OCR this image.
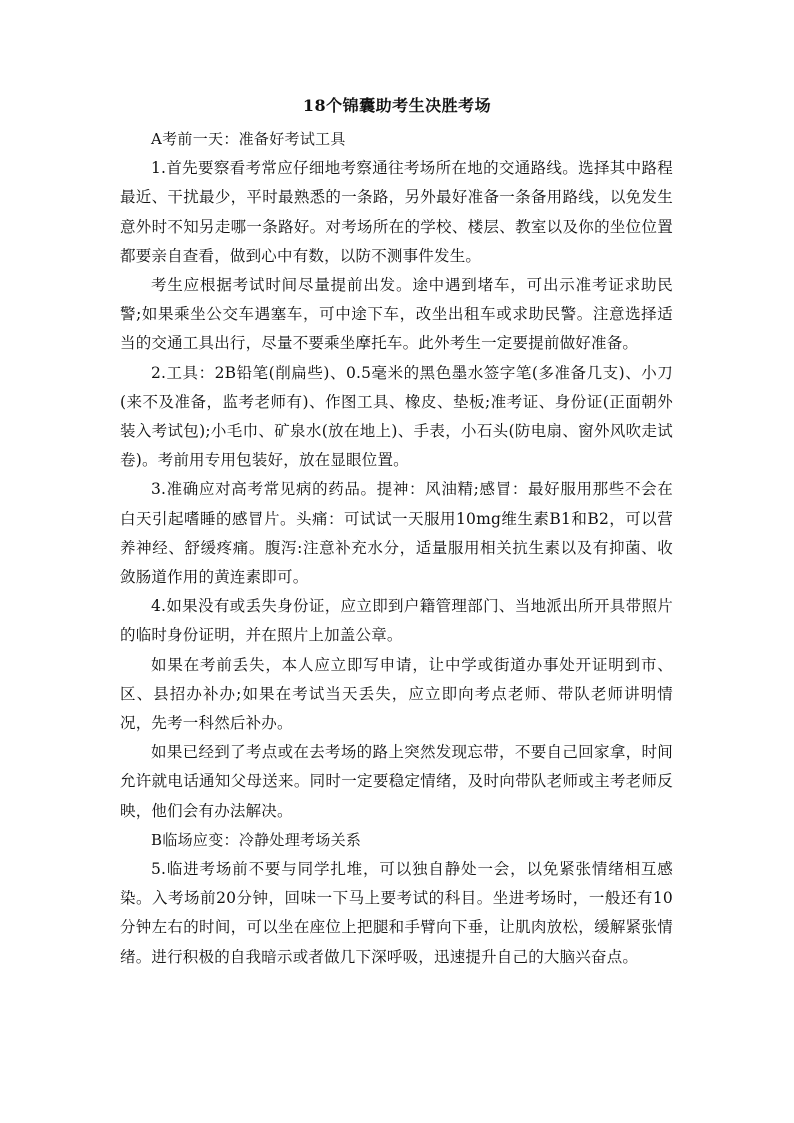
18个锦囊助考生决胜考场

A考前一天：准备好考试工具

1.首先要察看考常应仔细地考察通往考场所在地的交通路线。选择其中路程最近、干扰最少，平时最熟悉的一条路，另外最好准备一条备用路线，以免发生意外时不知另走哪一条路好。对考场所在的学校、楼层、教室以及你的坐位位置都要亲自查看，做到心中有数，以防不测事件发生。

考生应根据考试时间尽量提前出发。途中遇到堵车，可出示准考证求助民警;如果乘坐公交车遇塞车，可中途下车，改坐出租车或求助民警。注意选择适当的交通工具出行，尽量不要乘坐摩托车。此外考生一定要提前做好准备。

2.工具：2B铅笔(削扁些)、0.5毫米的黑色墨水签字笔(多准备几支)、小刀(来不及准备，监考老师有)、作图工具、橡皮、垫板;准考证、身份证(正面朝外装入考试包);小毛巾、矿泉水(放在地上)、手表，小石头(防电扇、窗外风吹走试卷)。考前用专用包装好，放在显眼位置。

3.准确应对高考常见病的药品。提神：风油精;感冒：最好服用那些不会在白天引起嗜睡的感冒片。头痛：可试试一天服用10mg维生素B1和B2，可以营养神经、舒缓疼痛。腹泻:注意补充水分，适量服用相关抗生素以及有抑菌、收敛肠道作用的黄连素即可。

4.如果没有或丢失身份证，应立即到户籍管理部门、当地派出所开具带照片的临时身份证明，并在照片上加盖公章。

如果在考前丢失，本人应立即写申请，让中学或街道办事处开证明到市、区、县招办补办;如果在考试当天丢失，应立即向考点老师、带队老师讲明情况，先考一科然后补办。

如果已经到了考点或在去考场的路上突然发现忘带，不要自己回家拿，时间允许就电话通知父母送来。同时一定要稳定情绪，及时向带队老师或主考老师反映，他们会有办法解决。

B临场应变：冷静处理考场关系

5.临进考场前不要与同学扎堆，可以独自静处一会，以免紧张情绪相互感染。入考场前20分钟，回味一下马上要考试的科目。坐进考场时，一般还有10分钟左右的时间，可以坐在座位上把腿和手臂向下垂，让肌肉放松，缓解紧张情绪。进行积极的自我暗示或者做几下深呼吸，迅速提升自己的大脑兴奋点。
